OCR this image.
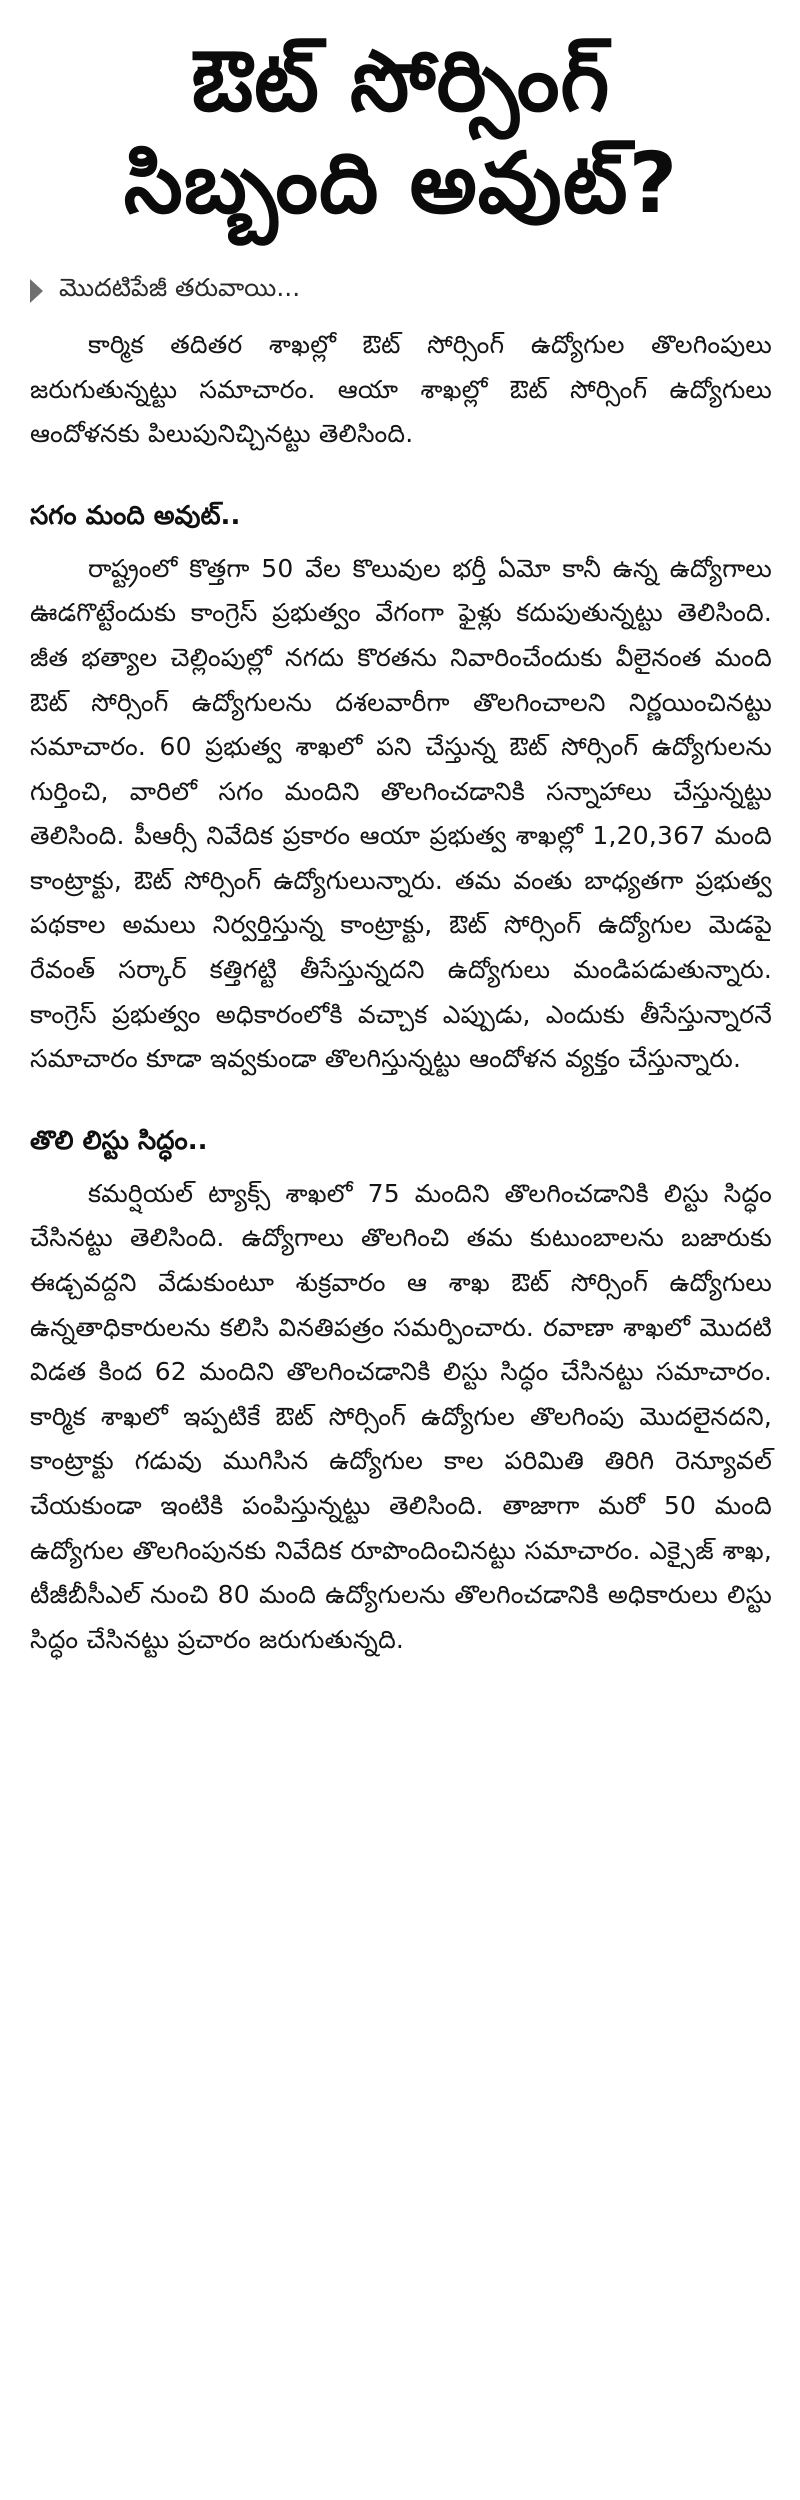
ఔట్ సోర్సింగ్
సిబ్బంది అవుట్?
మొదటిపేజీ తరువాయి...

కార్మిక తదితర శాఖల్లో ఔట్ సోర్సింగ్ ఉద్యోగుల తొలగింపులు జరుగుతున్నట్టు సమాచారం. ఆయా శాఖల్లో ఔట్ సోర్సింగ్ ఉద్యోగులు ఆందోళనకు పిలుపునిచ్చినట్టు తెలిసింది.

సగం మంది అవుట్..

రాష్ట్రంలో కొత్తగా 50 వేల కొలువుల భర్తీ ఏమో కానీ ఉన్న ఉద్యోగాలు ఊడగొట్టేందుకు కాంగ్రెస్ ప్రభుత్వం వేగంగా ఫైళ్లు కదుపుతున్నట్టు తెలిసింది. జీత భత్యాల చెల్లింపుల్లో నగదు కొరతను నివారించేందుకు వీలైనంత మంది ఔట్ సోర్సింగ్ ఉద్యోగులను దశలవారీగా తొలగించాలని నిర్ణయించినట్టు సమాచారం. 60 ప్రభుత్వ శాఖలో పని చేస్తున్న ఔట్ సోర్సింగ్ ఉద్యోగులను గుర్తించి, వారిలో సగం మందిని తొలగించడానికి సన్నాహాలు చేస్తున్నట్టు తెలిసింది. పీఆర్సీ నివేదిక ప్రకారం ఆయా ప్రభుత్వ శాఖల్లో 1,20,367 మంది కాంట్రాక్టు, ఔట్ సోర్సింగ్ ఉద్యోగులున్నారు. తమ వంతు బాధ్యతగా ప్రభుత్వ పథకాల అమలు నిర్వర్తిస్తున్న కాంట్రాక్టు, ఔట్ సోర్సింగ్ ఉద్యోగుల మెడపై రేవంత్ సర్కార్ కత్తిగట్టి తీసేస్తున్నదని ఉద్యోగులు మండిపడుతున్నారు. కాంగ్రెస్ ప్రభుత్వం అధికారంలోకి వచ్చాక ఎప్పుడు, ఎందుకు తీసేస్తున్నారనే సమాచారం కూడా ఇవ్వకుండా తొలగిస్తున్నట్టు ఆందోళన వ్యక్తం చేస్తున్నారు.

తొలి లిస్టు సిద్ధం..

కమర్షియల్ ట్యాక్స్ శాఖలో 75 మందిని తొలగించడానికి లిస్టు సిద్ధం చేసినట్టు తెలిసింది. ఉద్యోగాలు తొలగించి తమ కుటుంబాలను బజారుకు ఈడ్చవద్దని వేడుకుంటూ శుక్రవారం ఆ శాఖ ఔట్ సోర్సింగ్ ఉద్యోగులు ఉన్నతాధికారులను కలిసి వినతిపత్రం సమర్పించారు. రవాణా శాఖలో మొదటి విడత కింద 62 మందిని తొలగించడానికి లిస్టు సిద్ధం చేసినట్టు సమాచారం. కార్మిక శాఖలో ఇప్పటికే ఔట్ సోర్సింగ్ ఉద్యోగుల తొలగింపు మొదలైనదని, కాంట్రాక్టు గడువు ముగిసిన ఉద్యోగుల కాల పరిమితి తిరిగి రెన్యూవల్ చేయకుండా ఇంటికి పంపిస్తున్నట్టు తెలిసింది. తాజాగా మరో 50 మంది ఉద్యోగుల తొలగింపునకు నివేదిక రూపొందించినట్టు సమాచారం. ఎక్సైజ్ శాఖ, టీజీబీసీఎల్ నుంచి 80 మంది ఉద్యోగులను తొలగించడానికి అధికారులు లిస్టు సిద్ధం చేసినట్టు ప్రచారం జరుగుతున్నది.
